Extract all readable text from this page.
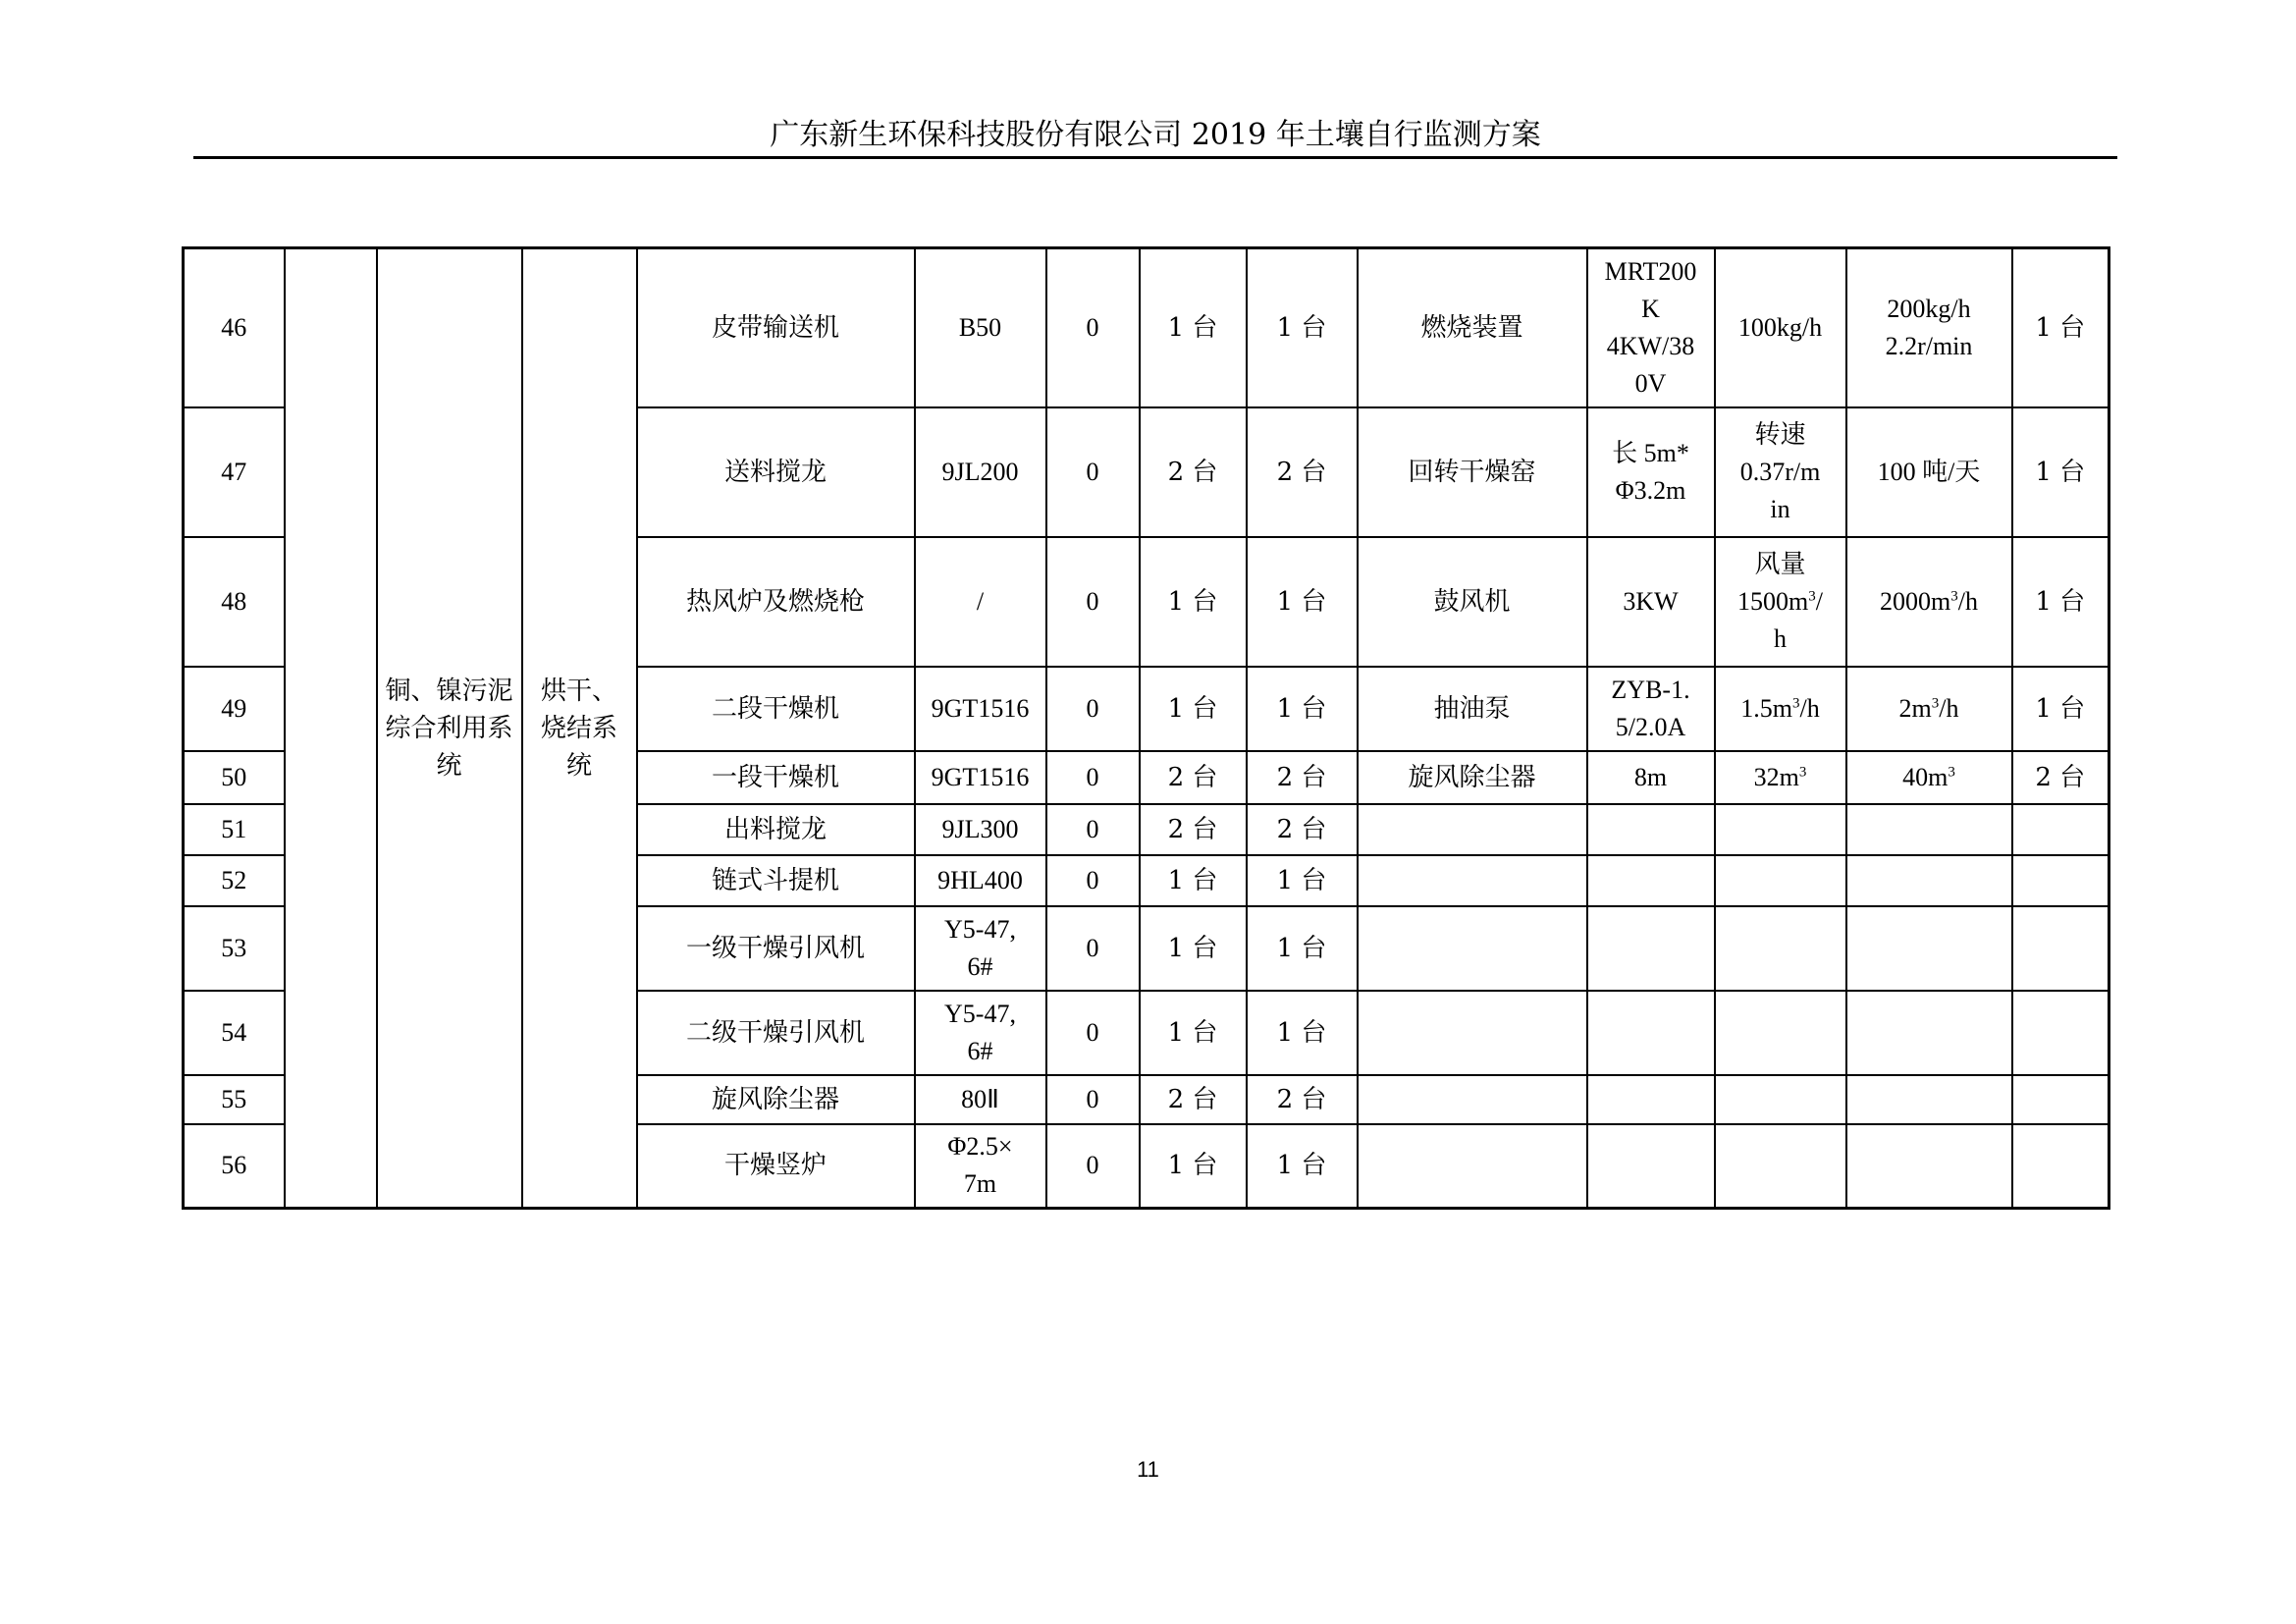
广东新生环保科技股份有限公司 2019 年土壤自行监测方案
46		铜、镍污泥综合利用系统	烘干、烧结系统	皮带输送机	B50	0	1 台	1 台	燃烧装置	MRT200
K
4KW/38
0V	100kg/h	200kg/h
2.2r/min	1 台
47				送料搅龙	9JL200	0	2 台	2 台	回转干燥窑	长 5m*
Φ3.2m	转速
0.37r/m
in	100 吨/天	1 台
48				热风炉及燃烧枪	/	0	1 台	1 台	鼓风机	3KW	风量
$1500m^3/$
h	$2000m^3/h$	1 台
49				二段干燥机	9GT1516	0	1 台	1 台	抽油泵	ZYB-1.
5/2.0A	$1.5m^3/h$	$2m^3/h$	1 台
50				一段干燥机	9GT1516	0	2 台	2 台	旋风除尘器	8m	$32m^3$	$40m^3$	2 台
51				出料搅龙	9JL300	0	2 台	2 台					
52				链式斗提机	9HL400	0	1 台	1 台					
53				一级干燥引风机	Y5-47,
6#	0	1 台	1 台					
54				二级干燥引风机	Y5-47,
6#	0	1 台	1 台					
55				旋风除尘器	80Ⅱ	0	2 台	2 台					
56				干燥竖炉	Φ2.5×
7m	0	1 台	1 台					
11
